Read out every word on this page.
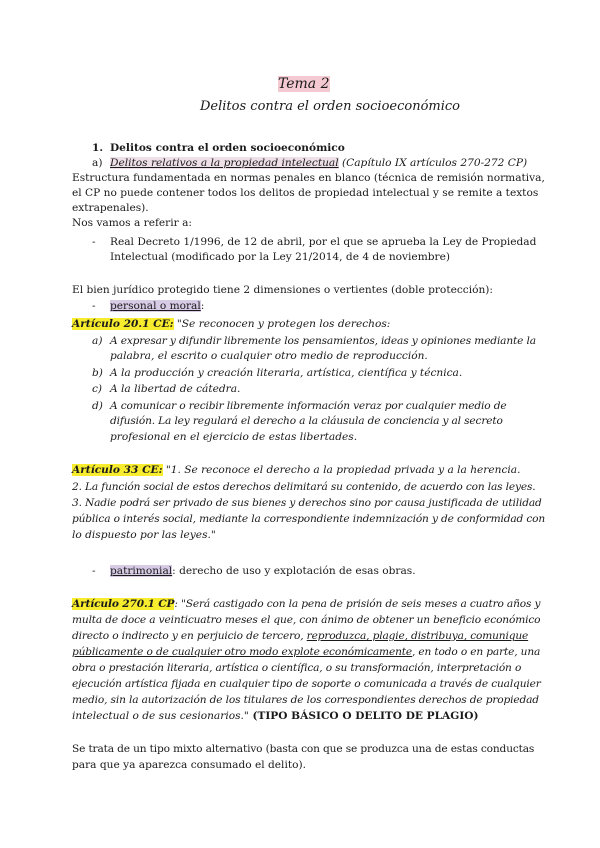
Tema 2
Delitos contra el orden socioeconómico
1. Delitos contra el orden socioeconómico
a) Delitos relativos a la propiedad intelectual (Capítulo IX artículos 270-272 CP)
Estructura fundamentada en normas penales en blanco (técnica de remisión normativa,
el CP no puede contener todos los delitos de propiedad intelectual y se remite a textos
extrapenales).
Nos vamos a referir a:
- Real Decreto 1/1996, de 12 de abril, por el que se aprueba la Ley de Propiedad
Intelectual (modificado por la Ley 21/2014, de 4 de noviembre)
El bien jurídico protegido tiene 2 dimensiones o vertientes (doble protección):
- personal o moral:
Artículo 20.1 CE: "Se reconocen y protegen los derechos:
a) A expresar y difundir libremente los pensamientos, ideas y opiniones mediante la
palabra, el escrito o cualquier otro medio de reproducción.
b) A la producción y creación literaria, artística, científica y técnica.
c) A la libertad de cátedra.
d) A comunicar o recibir libremente información veraz por cualquier medio de
difusión. La ley regulará el derecho a la cláusula de conciencia y al secreto
profesional en el ejercicio de estas libertades.
Artículo 33 CE: "1. Se reconoce el derecho a la propiedad privada y a la herencia.
2. La función social de estos derechos delimitará su contenido, de acuerdo con las leyes.
3. Nadie podrá ser privado de sus bienes y derechos sino por causa justificada de utilidad
pública o interés social, mediante la correspondiente indemnización y de conformidad con
lo dispuesto por las leyes."
- patrimonial: derecho de uso y explotación de esas obras.
Artículo 270.1 CP: "Será castigado con la pena de prisión de seis meses a cuatro años y
multa de doce a veinticuatro meses el que, con ánimo de obtener un beneficio económico
directo o indirecto y en perjuicio de tercero, reproduzca, plagie, distribuya, comunique
públicamente o de cualquier otro modo explote económicamente, en todo o en parte, una
obra o prestación literaria, artística o científica, o su transformación, interpretación o
ejecución artística fijada en cualquier tipo de soporte o comunicada a través de cualquier
medio, sin la autorización de los titulares de los correspondientes derechos de propiedad
intelectual o de sus cesionarios." (TIPO BÁSICO O DELITO DE PLAGIO)
Se trata de un tipo mixto alternativo (basta con que se produzca una de estas conductas
para que ya aparezca consumado el delito).
